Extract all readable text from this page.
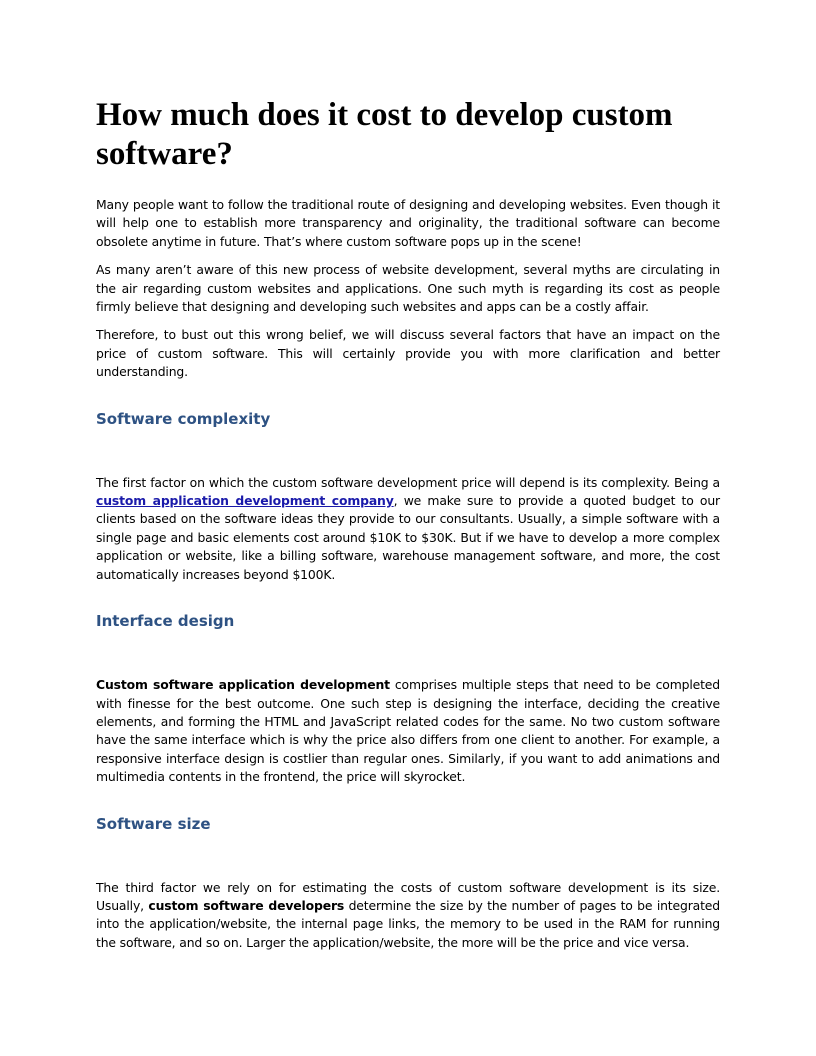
How much does it cost to develop custom software?

Many people want to follow the traditional route of designing and developing websites. Even though it will help one to establish more transparency and originality, the traditional software can become obsolete anytime in future. That’s where custom software pops up in the scene!

As many aren’t aware of this new process of website development, several myths are circulating in the air regarding custom websites and applications. One such myth is regarding its cost as people firmly believe that designing and developing such websites and apps can be a costly affair.

Therefore, to bust out this wrong belief, we will discuss several factors that have an impact on the price of custom software. This will certainly provide you with more clarification and better understanding.

Software complexity

The first factor on which the custom software development price will depend is its complexity. Being a custom application development company, we make sure to provide a quoted budget to our clients based on the software ideas they provide to our consultants. Usually, a simple software with a single page and basic elements cost around $10K to $30K. But if we have to develop a more complex application or website, like a billing software, warehouse management software, and more, the cost automatically increases beyond $100K.

Interface design

Custom software application development comprises multiple steps that need to be completed with finesse for the best outcome. One such step is designing the interface, deciding the creative elements, and forming the HTML and JavaScript related codes for the same. No two custom software have the same interface which is why the price also differs from one client to another. For example, a responsive interface design is costlier than regular ones. Similarly, if you want to add animations and multimedia contents in the frontend, the price will skyrocket.

Software size

The third factor we rely on for estimating the costs of custom software development is its size. Usually, custom software developers determine the size by the number of pages to be integrated into the application/website, the internal page links, the memory to be used in the RAM for running the software, and so on. Larger the application/website, the more will be the price and vice versa.
